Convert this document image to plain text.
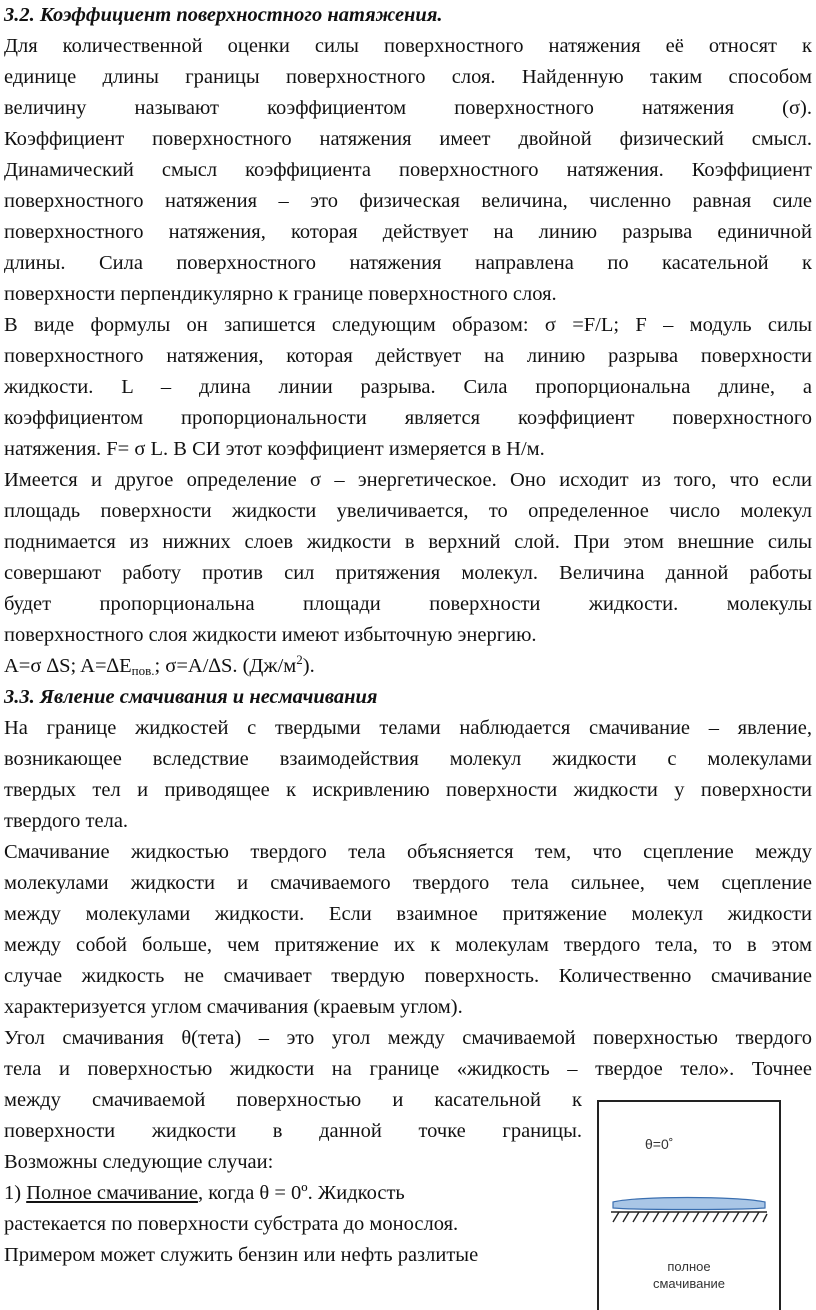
3.2. Коэффициент поверхностного натяжения.
Для количественной оценки силы поверхностного натяжения её относят к
единице длины границы поверхностного слоя. Найденную таким способом
величину называют коэффициентом поверхностного натяжения (σ).
Коэффициент поверхностного натяжения имеет двойной физический смысл.
Динамический смысл коэффициента поверхностного натяжения. Коэффициент
поверхностного натяжения – это физическая величина, численно равная силе
поверхностного натяжения, которая действует на линию разрыва единичной
длины. Сила поверхностного натяжения направлена по касательной к
поверхности перпендикулярно к границе поверхностного слоя.
В виде формулы он запишется следующим образом: σ =F/L; F – модуль силы
поверхностного натяжения, которая действует на линию разрыва поверхности
жидкости. L – длина линии разрыва. Сила пропорциональна длине, а
коэффициентом пропорциональности является коэффициент поверхностного
натяжения. F= σ L. В СИ этот коэффициент измеряется в Н/м.
Имеется и другое определение σ – энергетическое. Оно исходит из того, что если
площадь поверхности жидкости увеличивается, то определенное число молекул
поднимается из нижних слоев жидкости в верхний слой. При этом внешние силы
совершают работу против сил притяжения молекул. Величина данной работы
будет пропорциональна площади поверхности жидкости. молекулы
поверхностного слоя жидкости имеют избыточную энергию.
A=σ ∆S; $A=\Delta E_{пов.}$; σ=A/∆S. $(Дж/м^2)$.
3.3. Явление смачивания и несмачивания
На границе жидкостей с твердыми телами наблюдается смачивание – явление,
возникающее вследствие взаимодействия молекул жидкости с молекулами
твердых тел и приводящее к искривлению поверхности жидкости у поверхности
твердого тела.
Смачивание жидкостью твердого тела объясняется тем, что сцепление между
молекулами жидкости и смачиваемого твердого тела сильнее, чем сцепление
между молекулами жидкости. Если взаимное притяжение молекул жидкости
между собой больше, чем притяжение их к молекулам твердого тела, то в этом
случае жидкость не смачивает твердую поверхность. Количественно смачивание
характеризуется углом смачивания (краевым углом).
Угол смачивания θ(тета) – это угол между смачиваемой поверхностью твердого
тела и поверхностью жидкости на границе «жидкость – твердое тело». Точнее
между смачиваемой поверхностью и касательной к
поверхности жидкости в данной точке границы.
Возможны следующие случаи:
1) Полное смачивание, когда θ = 0º. Жидкость
растекается по поверхности субстрата до монослоя.
Примером может служить бензин или нефть разлитые
θ=0˚
полное
смачивание
